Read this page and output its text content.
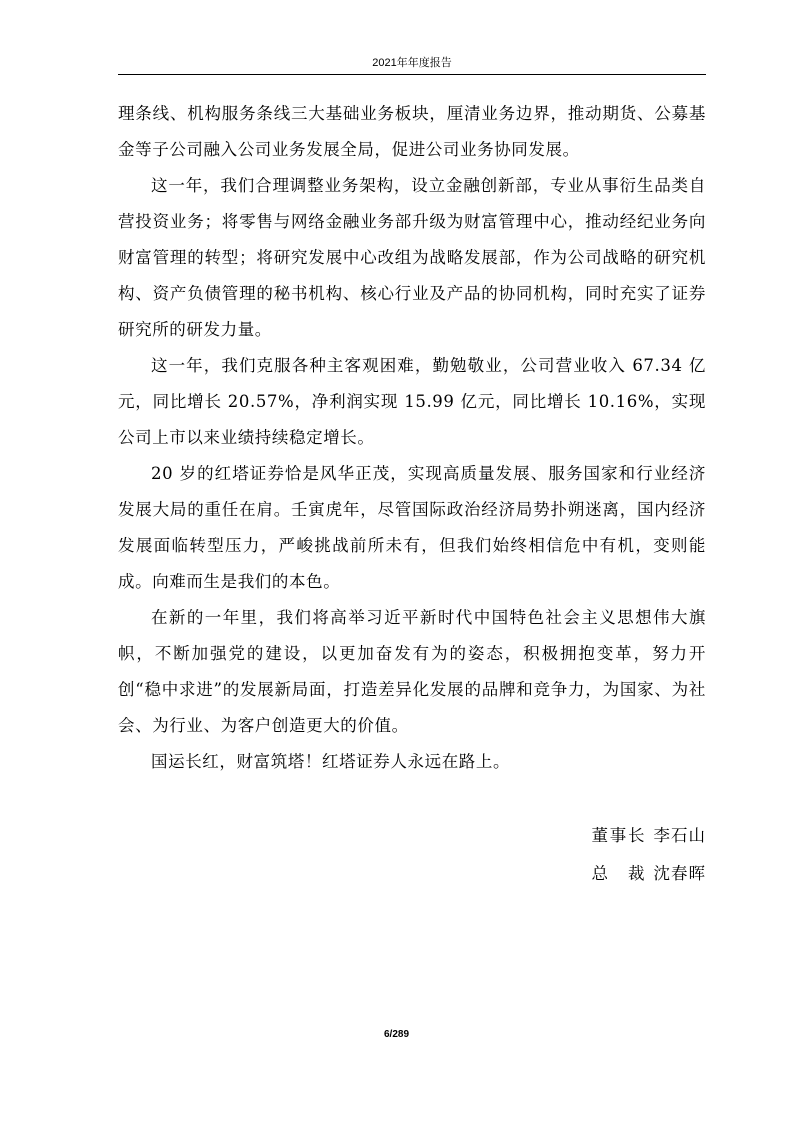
2021年年度报告

理条线、机构服务条线三大基础业务板块，厘清业务边界，推动期货、公募基金等子公司融入公司业务发展全局，促进公司业务协同发展。

这一年，我们合理调整业务架构，设立金融创新部，专业从事衍生品类自营投资业务；将零售与网络金融业务部升级为财富管理中心，推动经纪业务向财富管理的转型；将研究发展中心改组为战略发展部，作为公司战略的研究机构、资产负债管理的秘书机构、核心行业及产品的协同机构，同时充实了证券研究所的研发力量。

这一年，我们克服各种主客观困难，勤勉敬业，公司营业收入 67.34 亿元，同比增长 20.57%，净利润实现 15.99 亿元，同比增长 10.16%，实现公司上市以来业绩持续稳定增长。

20 岁的红塔证券恰是风华正茂，实现高质量发展、服务国家和行业经济发展大局的重任在肩。壬寅虎年，尽管国际政治经济局势扑朔迷离，国内经济发展面临转型压力，严峻挑战前所未有，但我们始终相信危中有机，变则能成。向难而生是我们的本色。

在新的一年里，我们将高举习近平新时代中国特色社会主义思想伟大旗帜，不断加强党的建设，以更加奋发有为的姿态，积极拥抱变革，努力开创“稳中求进”的发展新局面，打造差异化发展的品牌和竞争力，为国家、为社会、为行业、为客户创造更大的价值。

国运长红，财富筑塔！红塔证券人永远在路上。

董事长 李石山
总裁 沈春晖
6/289
